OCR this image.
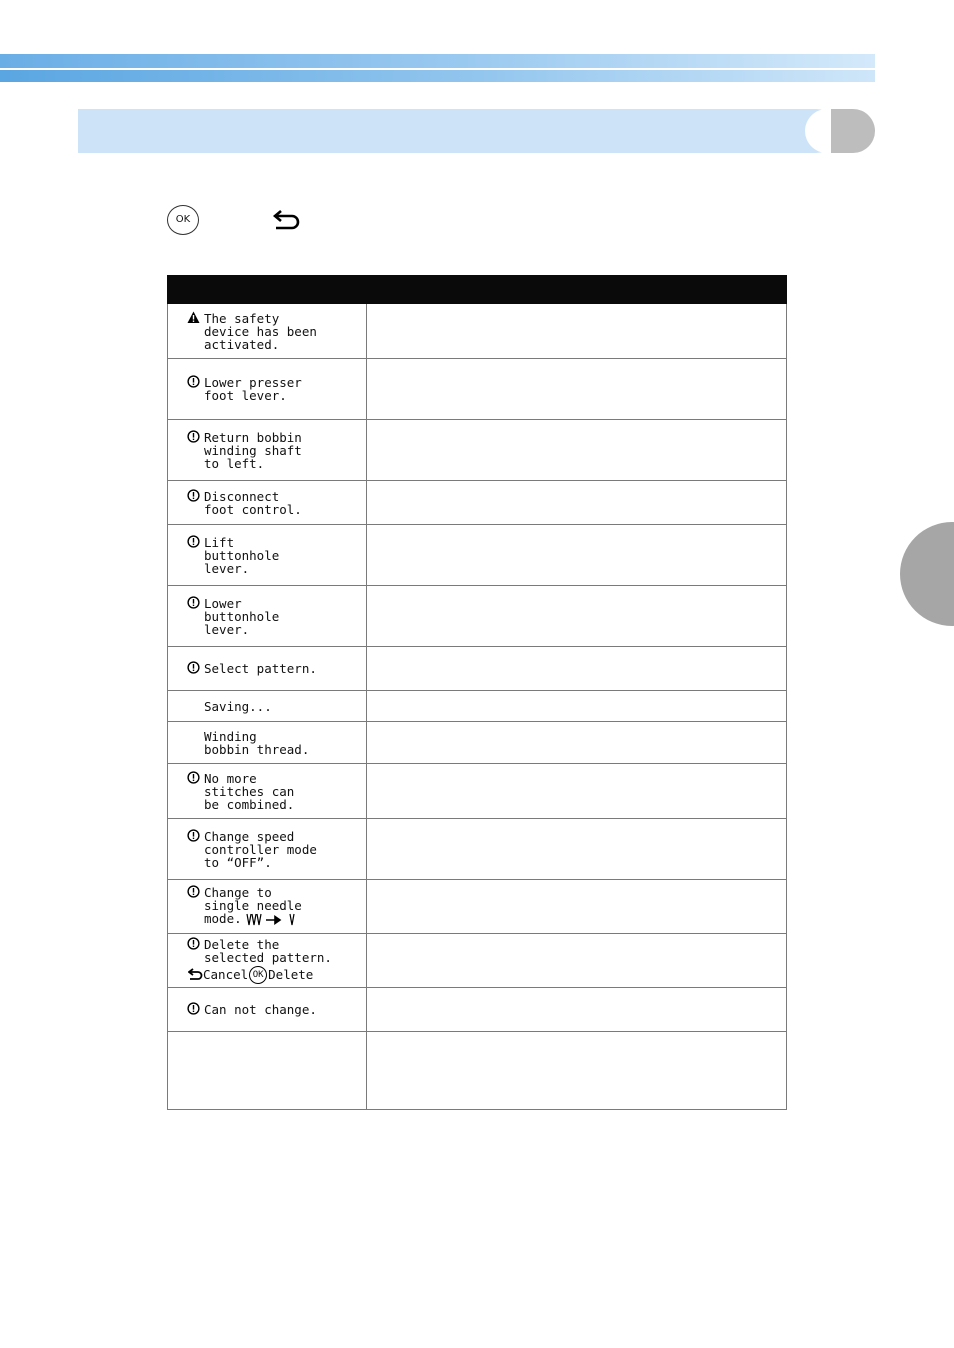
OK

The safety
device has been
activated.	

Lower presser
foot lever.	

Return bobbin
winding shaft
to left.	

Disconnect
foot control.	

Lift
buttonhole
lever.	

Lower
buttonhole
lever.	

Select pattern.	

Saving...	

Winding
bobbin thread.	

No more
stitches can
be combined.	

Change speed
controller mode
to “OFF”.	

Change to
single needle
mode.	

Delete the
selected pattern.
Cancel OK Delete	

Can not change.	
